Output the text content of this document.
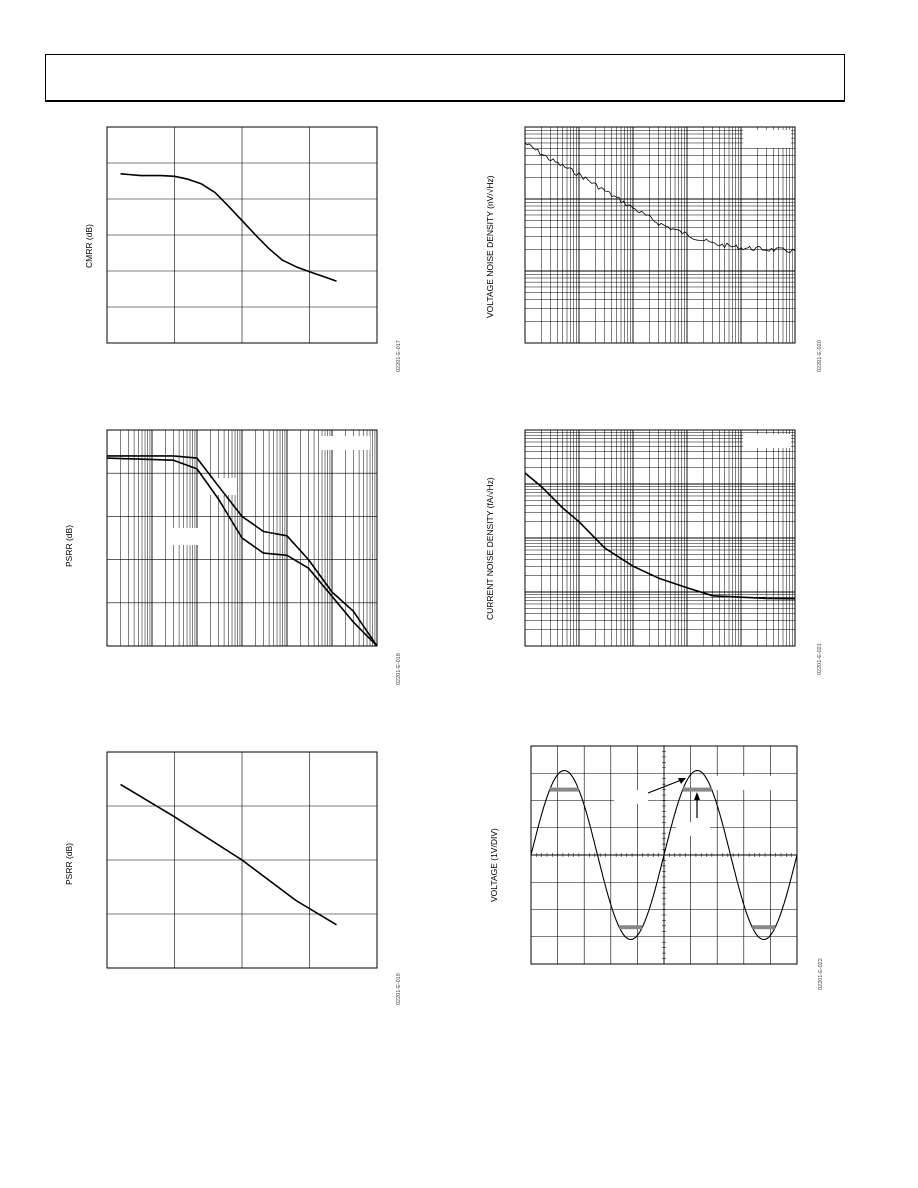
CMRR (dB)
02201-E-017
PSRR (dB)
02201-E-018
PSRR (dB)
02201-E-019
VOLTAGE NOISE DENSITY (nV/√Hz)
02201-E-020
CURRENT NOISE DENSITY (fA/√Hz)
02201-E-021
VOLTAGE (1V/DIV)
02201-E-022
